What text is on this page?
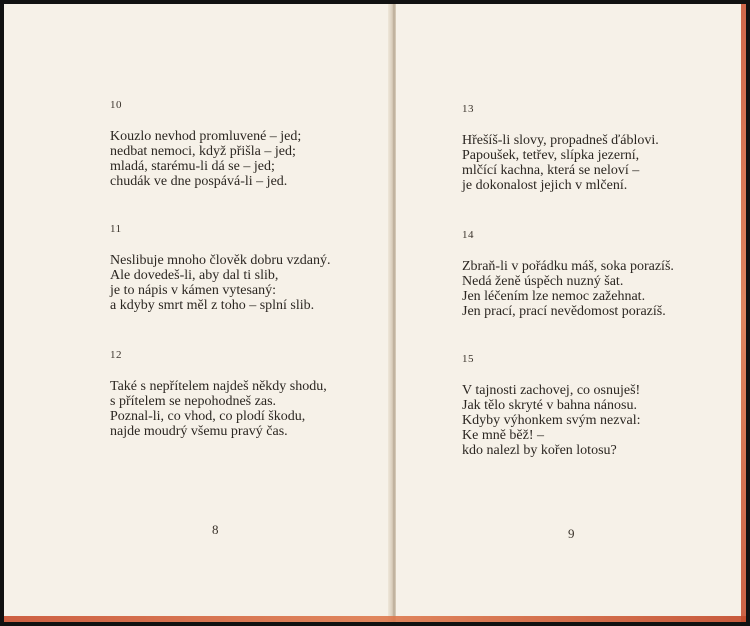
10
Kouzlo nevhod promluvené – jed;
nedbat nemoci, když přišla – jed;
mladá, starému-li dá se – jed;
chudák ve dne pospává-li – jed.
11
Neslibuje mnoho člověk dobru vzdaný.
Ale dovedeš-li, aby dal ti slib,
je to nápis v kámen vytesaný:
a kdyby smrt měl z toho – splní slib.
12
Také s nepřítelem najdeš někdy shodu,
s přítelem se nepohodneš zas.
Poznal-li, co vhod, co plodí škodu,
najde moudrý všemu pravý čas.
8
13
Hřešíš-li slovy, propadneš ďáblovi.
Papoušek, tetřev, slípka jezerní,
mlčící kachna, která se neloví –
je dokonalost jejich v mlčení.
14
Zbraň-li v pořádku máš, soka porazíš.
Nedá ženě úspěch nuzný šat.
Jen léčením lze nemoc zažehnat.
Jen prací, prací nevědomost porazíš.
15
V tajnosti zachovej, co osnuješ!
Jak tělo skryté v bahna nánosu.
Kdyby výhonkem svým nezval:
Ke mně běž! –
kdo nalezl by kořen lotosu?
9
